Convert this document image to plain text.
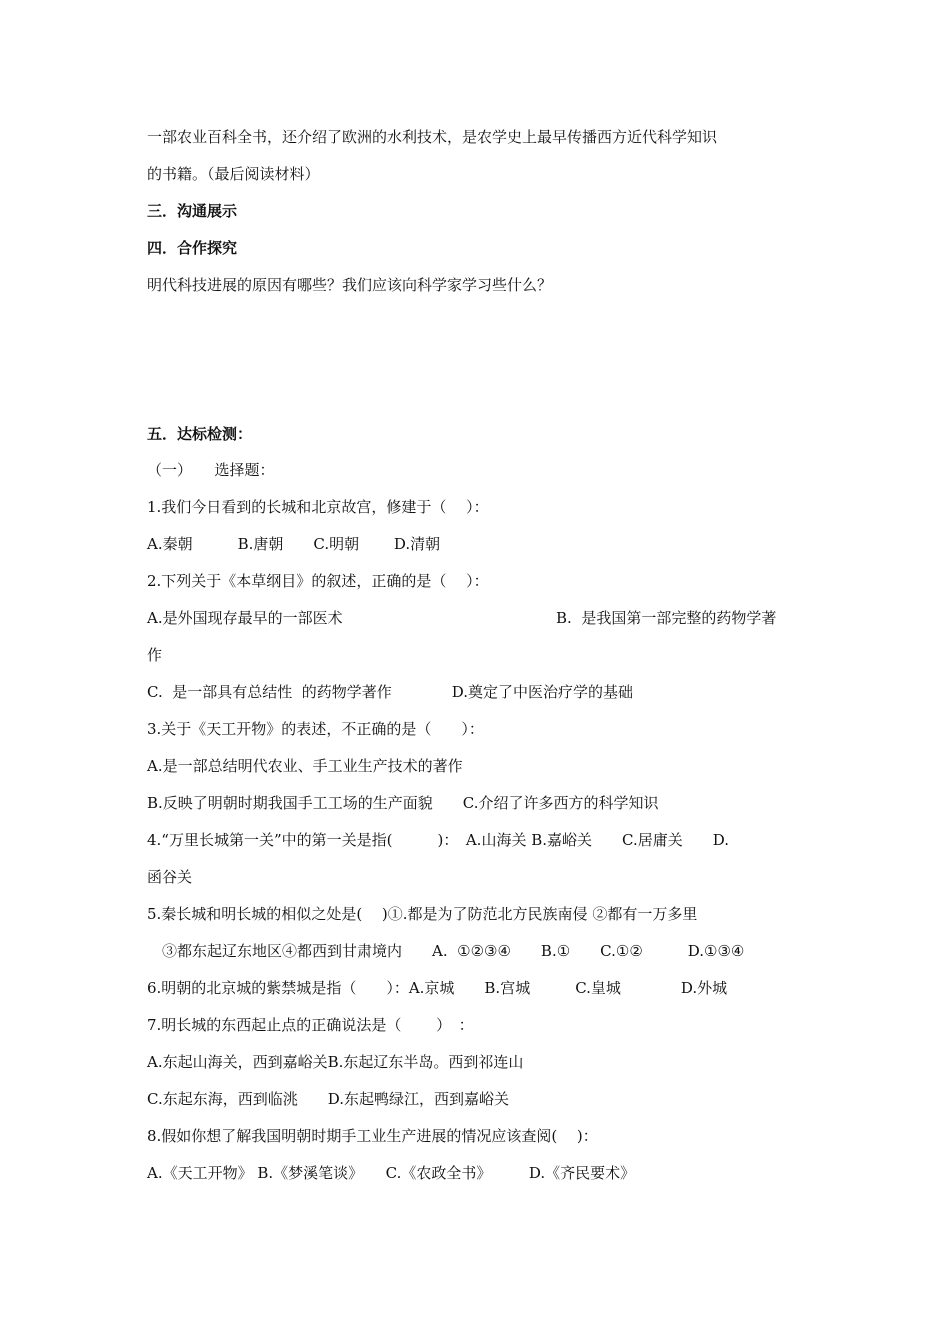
一部农业百科全书，还介绍了欧洲的水利技术，是农学史上最早传播西方近代科学知识
的书籍。（最后阅读材料）
三．沟通展示
四．合作探究
明代科技进展的原因有哪些？我们应该向科学家学习些什么？
五．达标检测：
（一）　　选择题：
1.我们今日看到的长城和北京故宫，修建于（　 ）：
A.秦朝　　　B.唐朝　　C.明朝　　 D.清朝
2.下列关于《本草纲目》的叙述，正确的是（　 ）：
A.是外国现存最早的一部医术	B.  是我国第一部完整的药物学著
作
C.  是一部具有总结性  的药物学著作　　　　D.奠定了中医治疗学的基础
3.关于《天工开物》的表述，不正确的是（　　）：
A.是一部总结明代农业、手工业生产技术的著作
B.反映了明朝时期我国手工工场的生产面貌　　C.介绍了许多西方的科学知识
4.“万里长城第一关”中的第一关是指(　　　)：　A.山海关 B.嘉峪关　　C.居庸关　　D.
函谷关
5.秦长城和明长城的相似之处是(　 )①.都是为了防范北方民族南侵 ②都有一万多里
　③都东起辽东地区④都西到甘肃境内　　A.  ①②③④　　B.①　　C.①②　　　D.①③④
6.明朝的北京城的紫禁城是指（　　）：A.京城　　B.宫城　　　C.皇城　　　　D.外城
7.明长城的东西起止点的正确说法是（　　 ）　：
A.东起山海关，西到嘉峪关B.东起辽东半岛。西到祁连山
C.东起东海，西到临洮　　D.东起鸭绿江，西到嘉峪关
8.假如你想了解我国明朝时期手工业生产进展的情况应该查阅(　 )：
A.《天工开物》 B.《梦溪笔谈》　　C.《农政全书》　　　D.《齐民要术》
